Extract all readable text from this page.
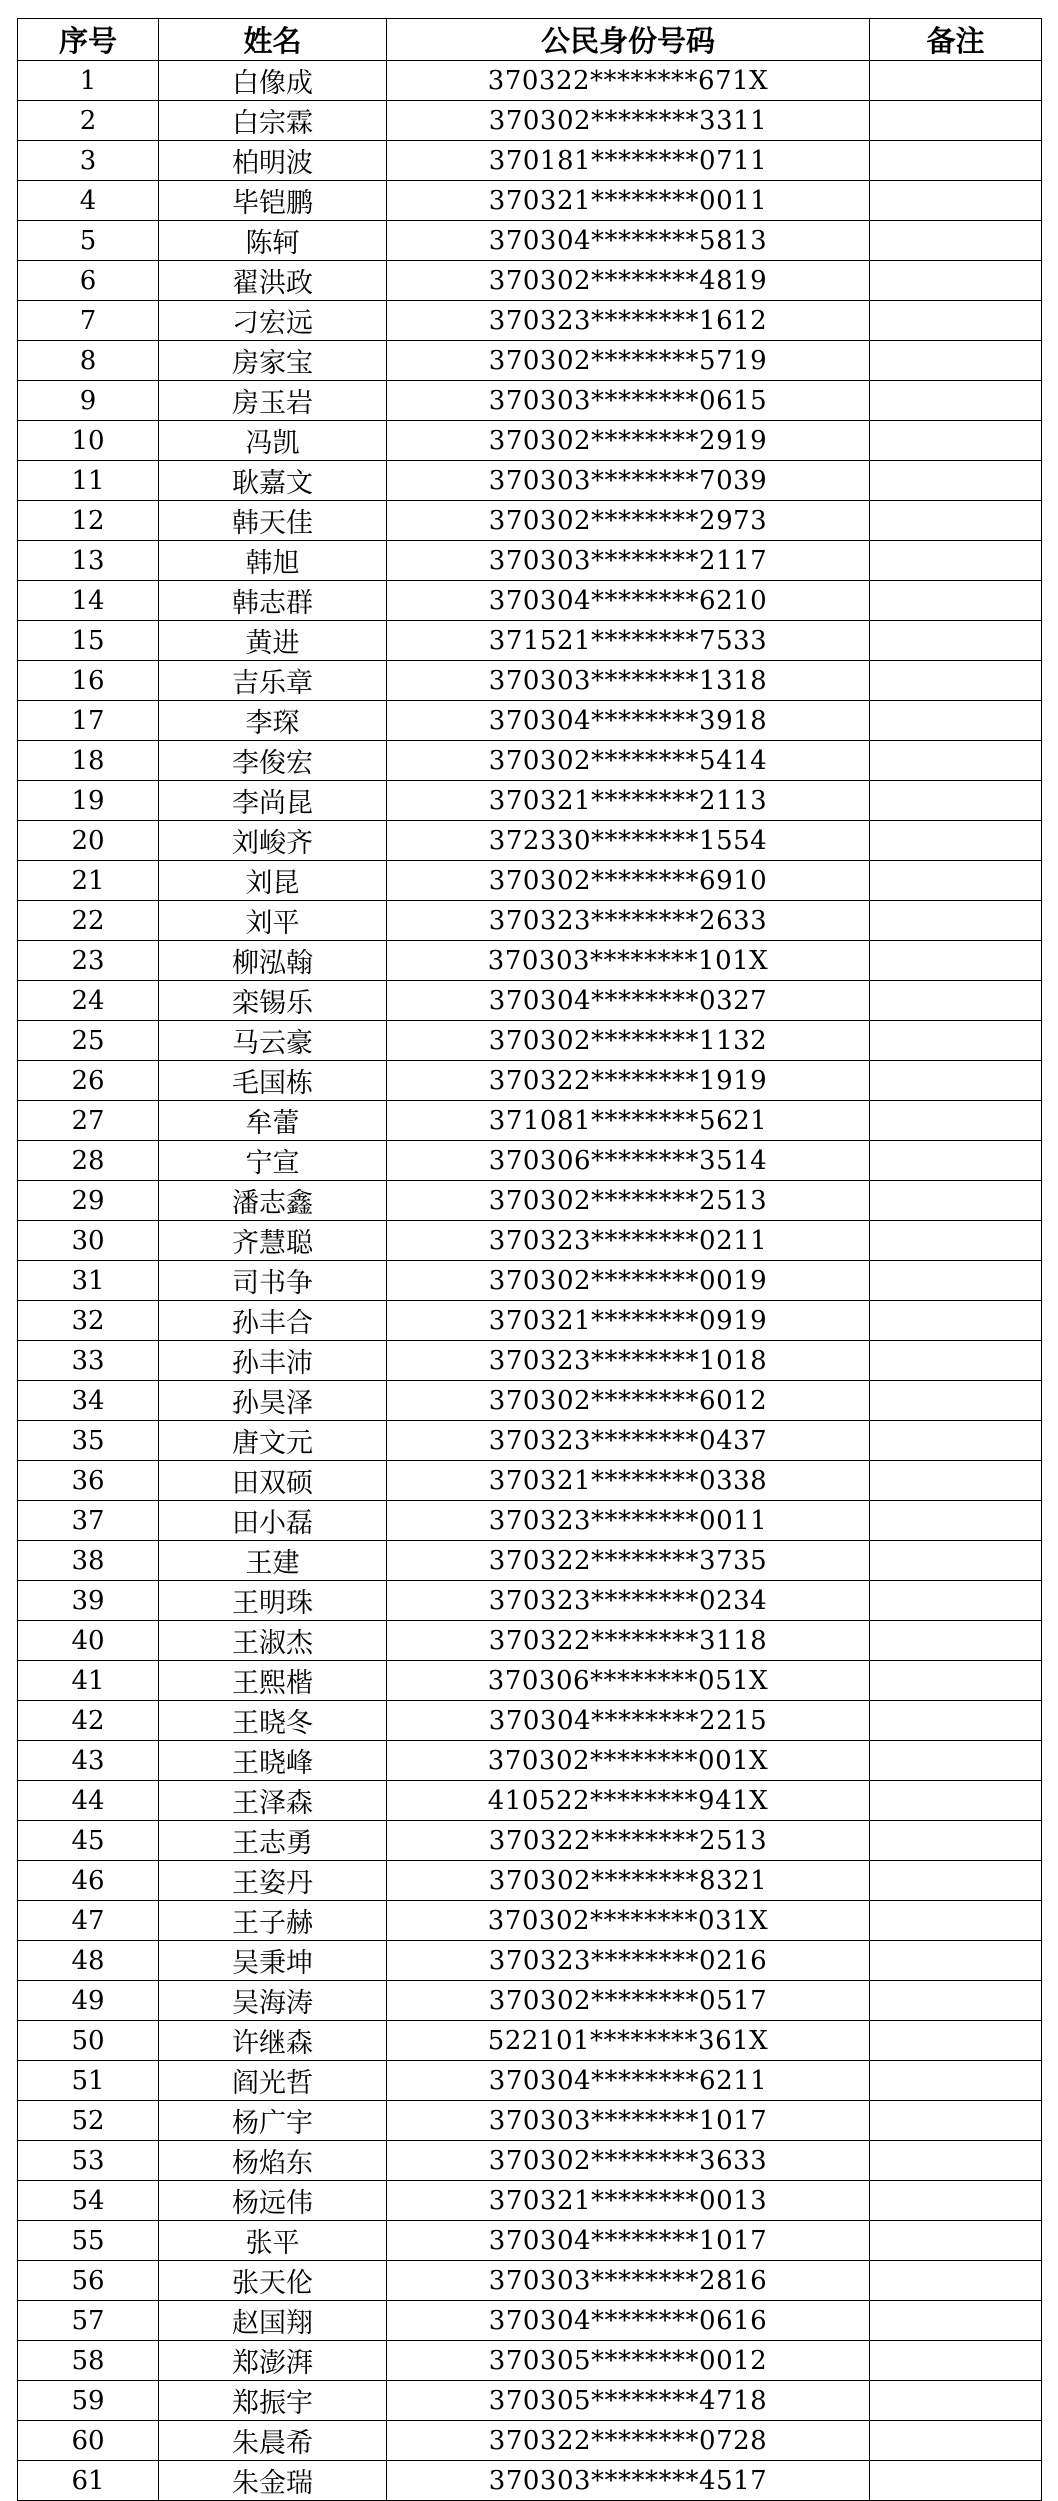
序号	姓名	公民身份号码	备注
1	白像成	370322********671X	
2	白宗霖	370302********3311	
3	柏明波	370181********0711	
4	毕铠鹏	370321********0011	
5	陈轲	370304********5813	
6	翟洪政	370302********4819	
7	刁宏远	370323********1612	
8	房家宝	370302********5719	
9	房玉岩	370303********0615	
10	冯凯	370302********2919	
11	耿嘉文	370303********7039	
12	韩天佳	370302********2973	
13	韩旭	370303********2117	
14	韩志群	370304********6210	
15	黄进	371521********7533	
16	吉乐章	370303********1318	
17	李琛	370304********3918	
18	李俊宏	370302********5414	
19	李尚昆	370321********2113	
20	刘峻齐	372330********1554	
21	刘昆	370302********6910	
22	刘平	370323********2633	
23	柳泓翰	370303********101X	
24	栾锡乐	370304********0327	
25	马云豪	370302********1132	
26	毛国栋	370322********1919	
27	牟蕾	371081********5621	
28	宁宣	370306********3514	
29	潘志鑫	370302********2513	
30	齐慧聪	370323********0211	
31	司书争	370302********0019	
32	孙丰合	370321********0919	
33	孙丰沛	370323********1018	
34	孙昊泽	370302********6012	
35	唐文元	370323********0437	
36	田双硕	370321********0338	
37	田小磊	370323********0011	
38	王建	370322********3735	
39	王明珠	370323********0234	
40	王淑杰	370322********3118	
41	王熙楷	370306********051X	
42	王晓冬	370304********2215	
43	王晓峰	370302********001X	
44	王泽森	410522********941X	
45	王志勇	370322********2513	
46	王姿丹	370302********8321	
47	王子赫	370302********031X	
48	吴秉坤	370323********0216	
49	吴海涛	370302********0517	
50	许继森	522101********361X	
51	阎光哲	370304********6211	
52	杨广宇	370303********1017	
53	杨焰东	370302********3633	
54	杨远伟	370321********0013	
55	张平	370304********1017	
56	张天伦	370303********2816	
57	赵国翔	370304********0616	
58	郑澎湃	370305********0012	
59	郑振宇	370305********4718	
60	朱晨希	370322********0728	
61	朱金瑞	370303********4517	
